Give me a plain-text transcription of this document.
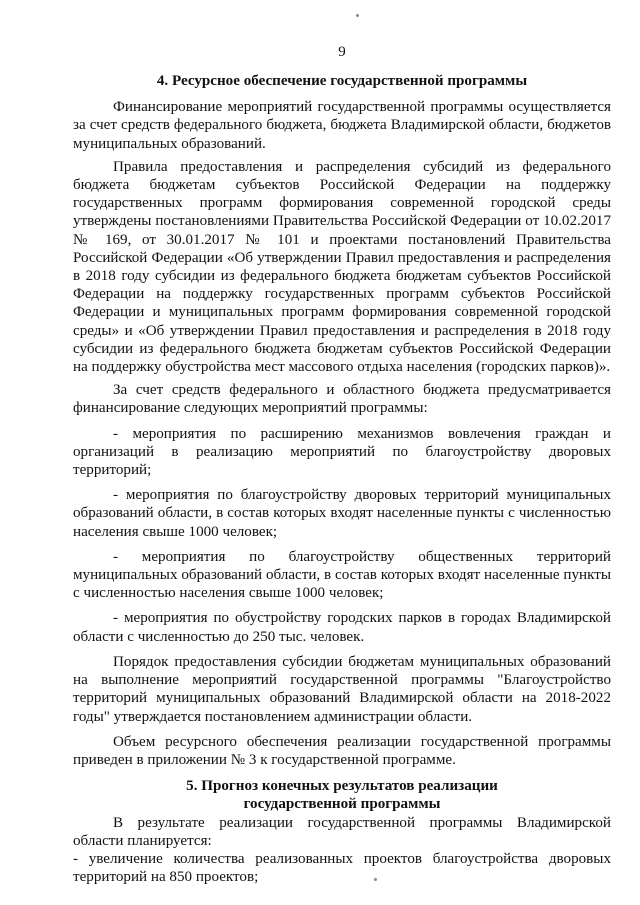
9
4. Ресурсное обеспечение государственной программы

Финансирование мероприятий государственной программы осуществляется за счет средств федерального бюджета, бюджета Владимирской области, бюджетов муниципальных образований.

Правила предоставления и распределения субсидий из федерального бюджета бюджетам субъектов Российской Федерации на поддержку государственных программ формирования современной городской среды утверждены постановлениями Правительства Российской Федерации от 10.02.2017 № 169, от 30.01.2017 № 101 и проектами постановлений Правительства Российской Федерации «Об утверждении Правил предоставления и распределения в 2018 году субсидии из федерального бюджета бюджетам субъектов Российской Федерации на поддержку государственных программ субъектов Российской Федерации и муниципальных программ формирования современной городской среды» и «Об утверждении Правил предоставления и распределения в 2018 году субсидии из федерального бюджета бюджетам субъектов Российской Федерации на поддержку обустройства мест массового отдыха населения (городских парков)».

За счет средств федерального и областного бюджета предусматривается финансирование следующих мероприятий программы:

- мероприятия по расширению механизмов вовлечения граждан и организаций в реализацию мероприятий по благоустройству дворовых территорий;

- мероприятия по благоустройству дворовых территорий муниципальных образований области, в состав которых входят населенные пункты с численностью населения свыше 1000 человек;

- мероприятия по благоустройству общественных территорий муниципальных образований области, в состав которых входят населенные пункты с численностью населения свыше 1000 человек;

- мероприятия по обустройству городских парков в городах Владимирской области с численностью до 250 тыс. человек.

Порядок предоставления субсидии бюджетам муниципальных образований на выполнение мероприятий государственной программы "Благоустройство территорий муниципальных образований Владимирской области на 2018-2022 годы" утверждается постановлением администрации области.

Объем ресурсного обеспечения реализации государственной программы приведен в приложении № 3 к государственной программе.

5. Прогноз конечных результатов реализации
государственной программы

В результате реализации государственной программы Владимирской области планируется:

- увеличение количества реализованных проектов благоустройства дворовых территорий на 850 проектов;
